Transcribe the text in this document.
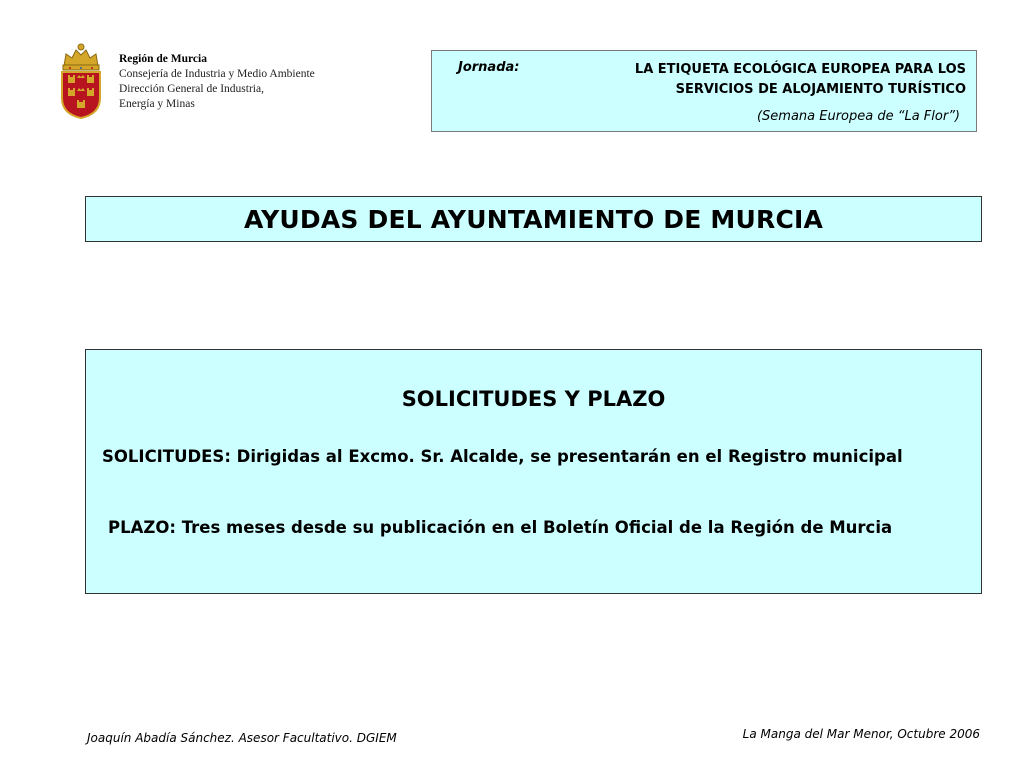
Región de Murcia
Consejería de Industria y Medio Ambiente
Dirección General de Industria,
Energía y Minas
Jornada:	LA ETIQUETA ECOLÓGICA EUROPEA PARA LOS
SERVICIOS DE ALOJAMIENTO TURÍSTICO
(Semana Europea de “La Flor”)
AYUDAS DEL AYUNTAMIENTO DE MURCIA
SOLICITUDES Y PLAZO
SOLICITUDES: Dirigidas al Excmo. Sr. Alcalde, se presentarán en el Registro municipal
PLAZO: Tres meses desde su publicación en el Boletín Oficial de la Región de Murcia
Joaquín Abadía Sánchez. Asesor Facultativo. DGIEM	La Manga del Mar Menor, Octubre 2006
